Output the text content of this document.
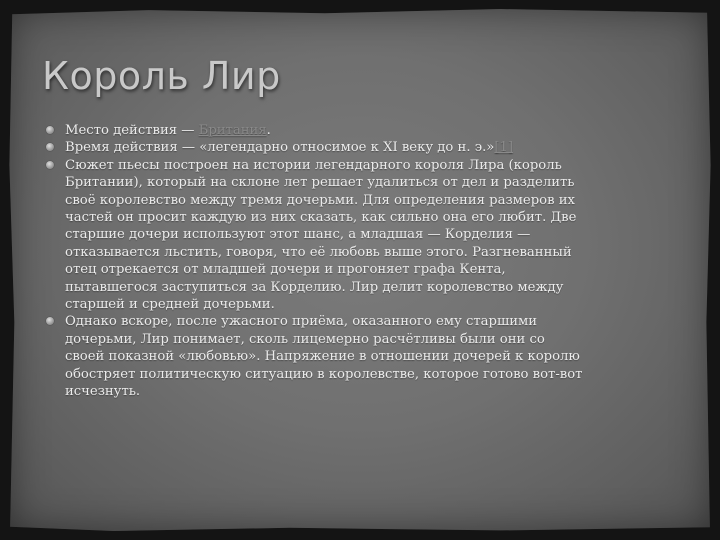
Король Лир
Место действия — Британия.
Время действия — «легендарно относимое к XI веку до н. э.»[1]
Сюжет пьесы построен на истории легендарного короля Лира (король Британии), который на склоне лет решает удалиться от дел и разделить своё королевство между тремя дочерьми. Для определения размеров их частей он просит каждую из них сказать, как сильно она его любит. Две старшие дочери используют этот шанс, а младшая — Корделия — отказывается льстить, говоря, что её любовь выше этого. Разгневанный отец отрекается от младшей дочери и прогоняет графа Кента, пытавшегося заступиться за Корделию. Лир делит королевство между старшей и средней дочерьми.
Однако вскоре, после ужасного приёма, оказанного ему старшими дочерьми, Лир понимает, сколь лицемерно расчётливы были они со своей показной «любовью». Напряжение в отношении дочерей к королю обостряет политическую ситуацию в королевстве, которое готово вот-вот исчезнуть.
